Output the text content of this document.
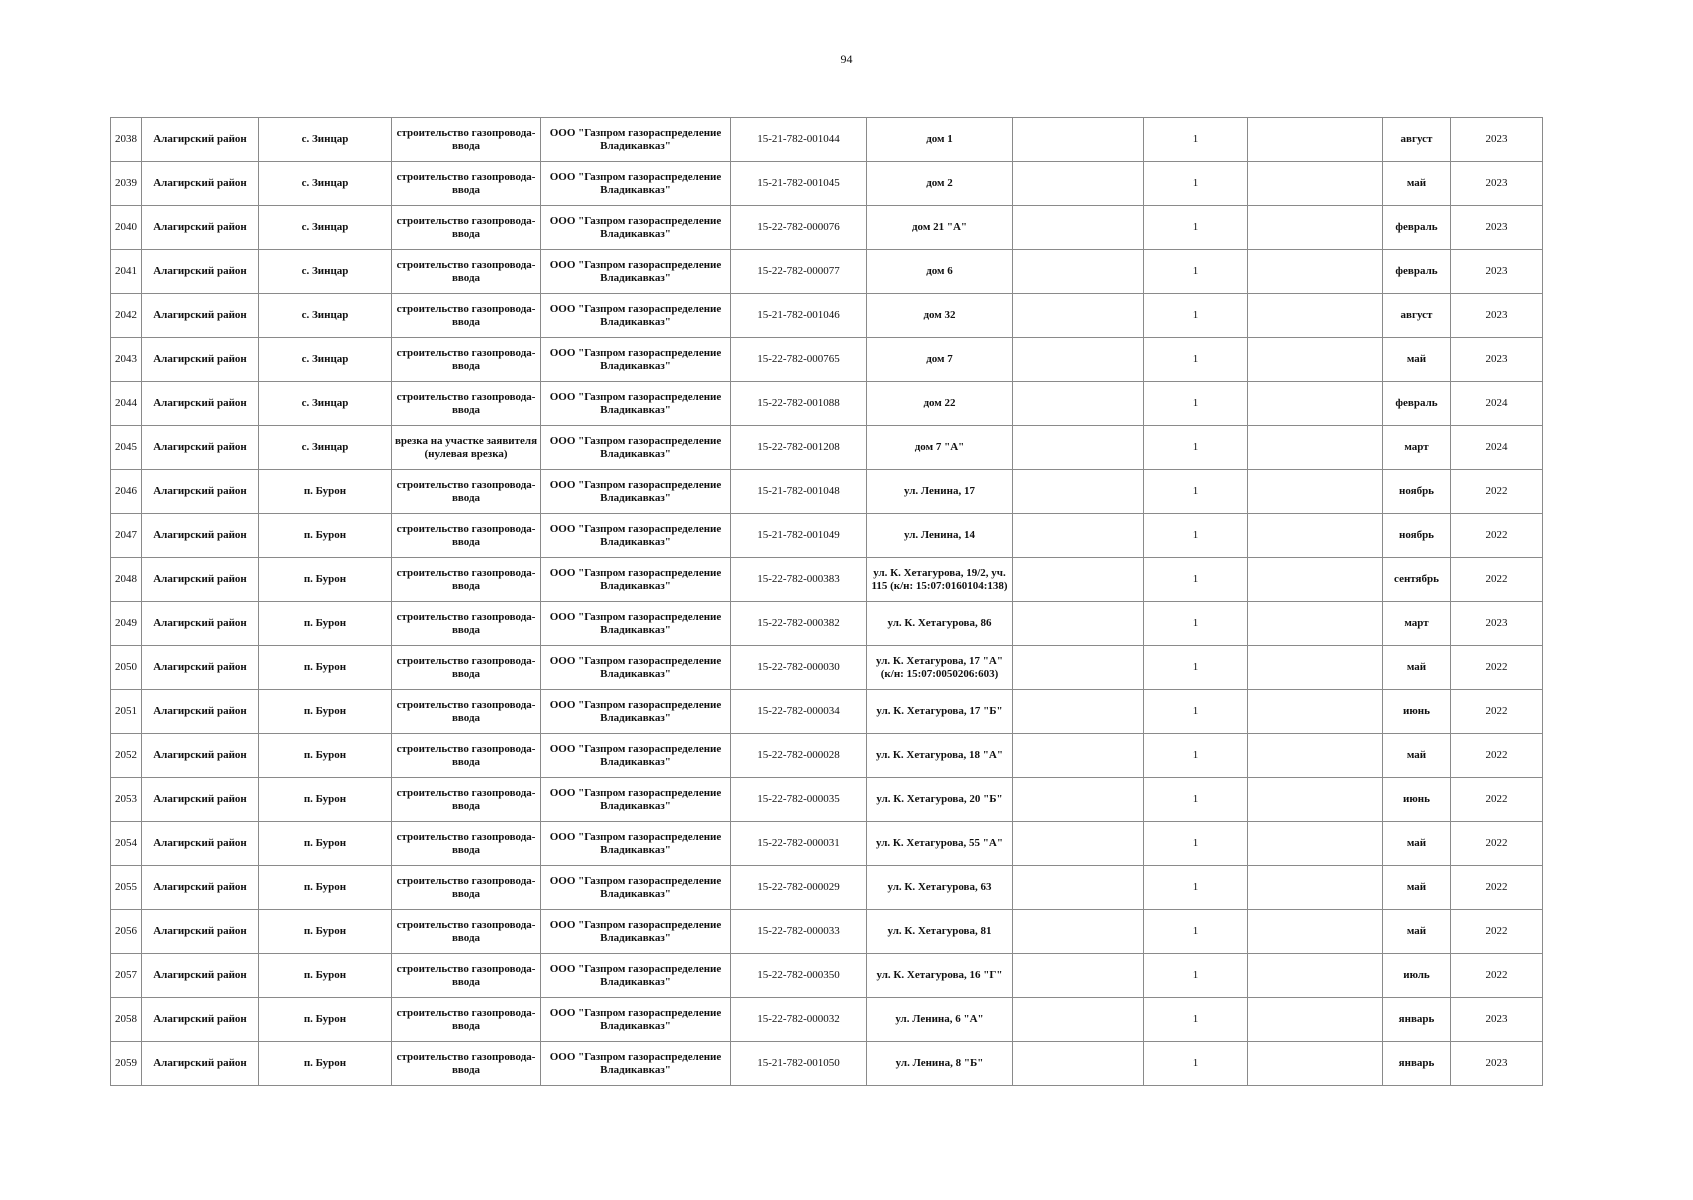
94
2038	Алагирский район	с. Зинцар	строительство газопровода-ввода	ООО "Газпром газораспределение Владикавказ"	15-21-782-001044	дом 1		1		август	2023
2039	Алагирский район	с. Зинцар	строительство газопровода-ввода	ООО "Газпром газораспределение Владикавказ"	15-21-782-001045	дом 2		1		май	2023
2040	Алагирский район	с. Зинцар	строительство газопровода-ввода	ООО "Газпром газораспределение Владикавказ"	15-22-782-000076	дом 21 "А"		1		февраль	2023
2041	Алагирский район	с. Зинцар	строительство газопровода-ввода	ООО "Газпром газораспределение Владикавказ"	15-22-782-000077	дом 6		1		февраль	2023
2042	Алагирский район	с. Зинцар	строительство газопровода-ввода	ООО "Газпром газораспределение Владикавказ"	15-21-782-001046	дом 32		1		август	2023
2043	Алагирский район	с. Зинцар	строительство газопровода-ввода	ООО "Газпром газораспределение Владикавказ"	15-22-782-000765	дом 7		1		май	2023
2044	Алагирский район	с. Зинцар	строительство газопровода-ввода	ООО "Газпром газораспределение Владикавказ"	15-22-782-001088	дом 22		1		февраль	2024
2045	Алагирский район	с. Зинцар	врезка на участке заявителя (нулевая врезка)	ООО "Газпром газораспределение Владикавказ"	15-22-782-001208	дом 7 "А"		1		март	2024
2046	Алагирский район	п. Бурон	строительство газопровода-ввода	ООО "Газпром газораспределение Владикавказ"	15-21-782-001048	ул. Ленина, 17		1		ноябрь	2022
2047	Алагирский район	п. Бурон	строительство газопровода-ввода	ООО "Газпром газораспределение Владикавказ"	15-21-782-001049	ул. Ленина, 14		1		ноябрь	2022
2048	Алагирский район	п. Бурон	строительство газопровода-ввода	ООО "Газпром газораспределение Владикавказ"	15-22-782-000383	ул. К. Хетагурова, 19/2, уч. 115 (к/н: 15:07:0160104:138)		1		сентябрь	2022
2049	Алагирский район	п. Бурон	строительство газопровода-ввода	ООО "Газпром газораспределение Владикавказ"	15-22-782-000382	ул. К. Хетагурова, 86		1		март	2023
2050	Алагирский район	п. Бурон	строительство газопровода-ввода	ООО "Газпром газораспределение Владикавказ"	15-22-782-000030	ул. К. Хетагурова, 17 "А" (к/н: 15:07:0050206:603)		1		май	2022
2051	Алагирский район	п. Бурон	строительство газопровода-ввода	ООО "Газпром газораспределение Владикавказ"	15-22-782-000034	ул. К. Хетагурова, 17 "Б"		1		июнь	2022
2052	Алагирский район	п. Бурон	строительство газопровода-ввода	ООО "Газпром газораспределение Владикавказ"	15-22-782-000028	ул. К. Хетагурова, 18 "А"		1		май	2022
2053	Алагирский район	п. Бурон	строительство газопровода-ввода	ООО "Газпром газораспределение Владикавказ"	15-22-782-000035	ул. К. Хетагурова, 20 "Б"		1		июнь	2022
2054	Алагирский район	п. Бурон	строительство газопровода-ввода	ООО "Газпром газораспределение Владикавказ"	15-22-782-000031	ул. К. Хетагурова, 55 "А"		1		май	2022
2055	Алагирский район	п. Бурон	строительство газопровода-ввода	ООО "Газпром газораспределение Владикавказ"	15-22-782-000029	ул. К. Хетагурова, 63		1		май	2022
2056	Алагирский район	п. Бурон	строительство газопровода-ввода	ООО "Газпром газораспределение Владикавказ"	15-22-782-000033	ул. К. Хетагурова, 81		1		май	2022
2057	Алагирский район	п. Бурон	строительство газопровода-ввода	ООО "Газпром газораспределение Владикавказ"	15-22-782-000350	ул. К. Хетагурова, 16 "Г"		1		июль	2022
2058	Алагирский район	п. Бурон	строительство газопровода-ввода	ООО "Газпром газораспределение Владикавказ"	15-22-782-000032	ул. Ленина, 6 "А"		1		январь	2023
2059	Алагирский район	п. Бурон	строительство газопровода-ввода	ООО "Газпром газораспределение Владикавказ"	15-21-782-001050	ул. Ленина, 8 "Б"		1		январь	2023
